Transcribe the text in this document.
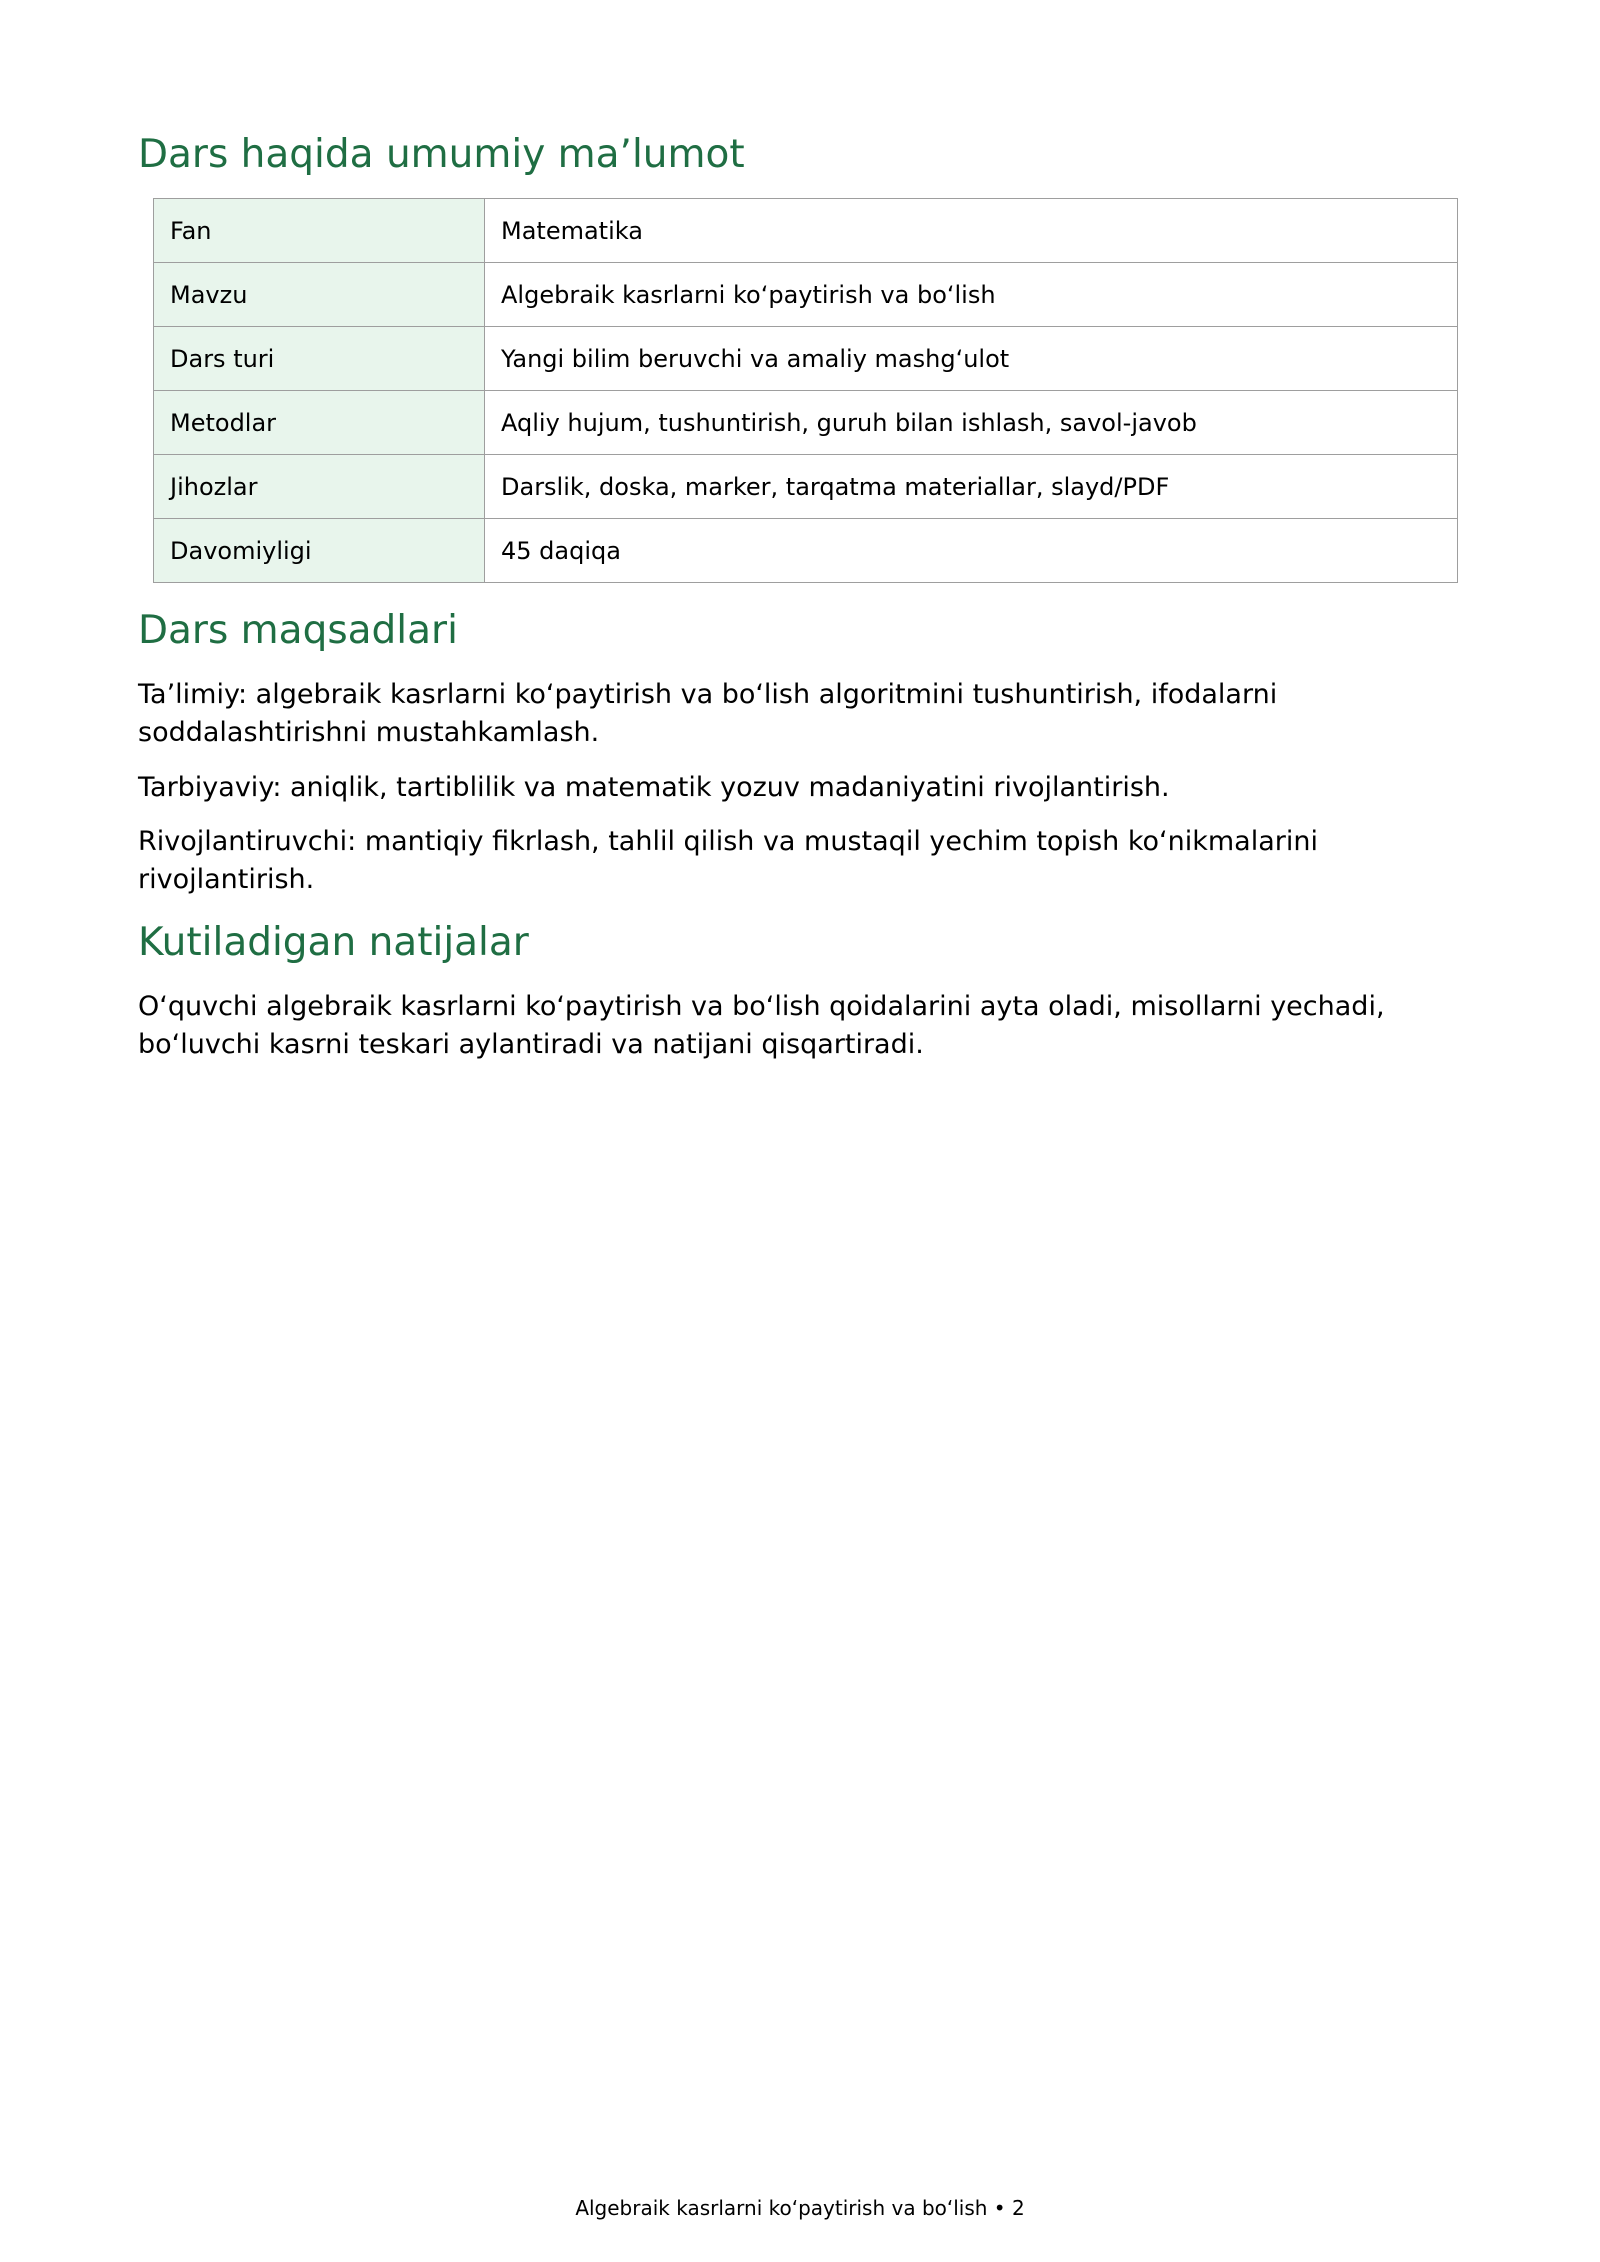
Dars haqida umumiy ma’lumot
Fan	Matematika
Mavzu	Algebraik kasrlarni ko‘paytirish va bo‘lish
Dars turi	Yangi bilim beruvchi va amaliy mashg‘ulot
Metodlar	Aqliy hujum, tushuntirish, guruh bilan ishlash, savol-javob
Jihozlar	Darslik, doska, marker, tarqatma materiallar, slayd/PDF
Davomiyligi	45 daqiqa
Dars maqsadlari

Ta’limiy: algebraik kasrlarni ko‘paytirish va bo‘lish algoritmini tushuntirish, ifodalarni soddalashtirishni mustahkamlash.

Tarbiyaviy: aniqlik, tartiblilik va matematik yozuv madaniyatini rivojlantirish.

Rivojlantiruvchi: mantiqiy fikrlash, tahlil qilish va mustaqil yechim topish ko‘nikmalarini rivojlantirish.

Kutiladigan natijalar

O‘quvchi algebraik kasrlarni ko‘paytirish va bo‘lish qoidalarini ayta oladi, misollarni yechadi, bo‘luvchi kasrni teskari aylantiradi va natijani qisqartiradi.

Algebraik kasrlarni ko‘paytirish va bo‘lish • 2
